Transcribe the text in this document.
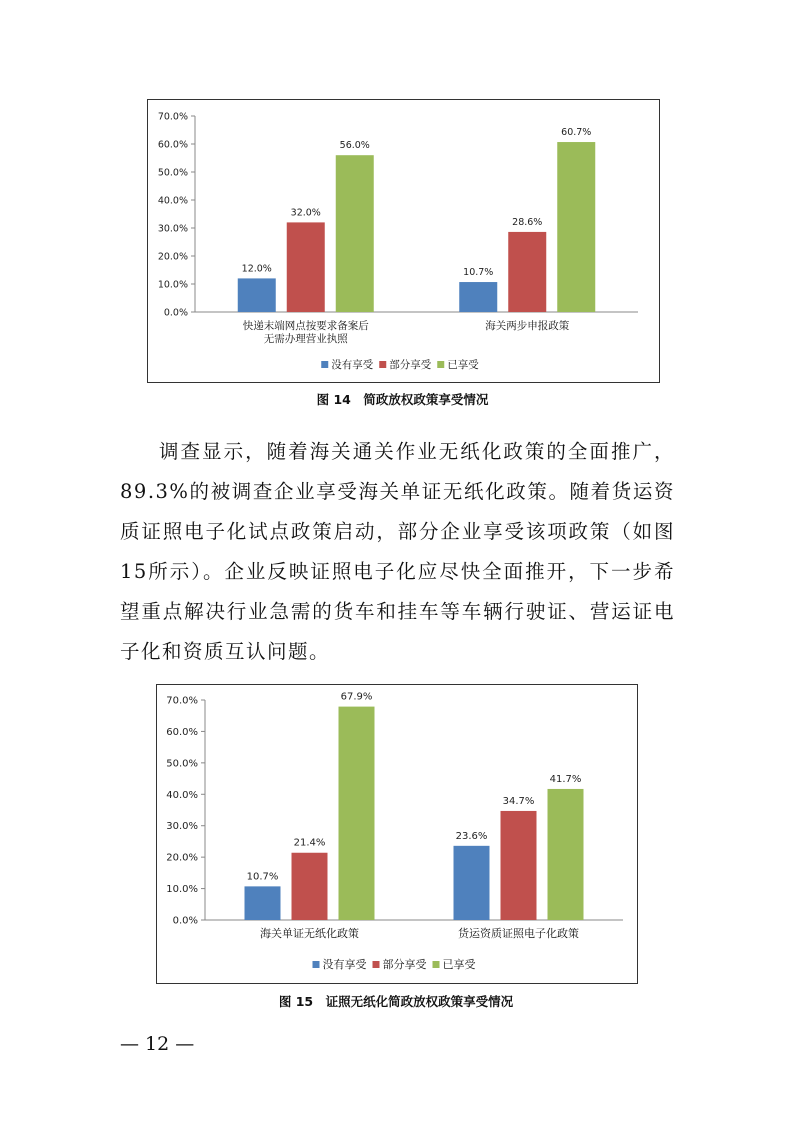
0.0%
10.0%
20.0%
30.0%
40.0%
50.0%
60.0%
70.0%
12.0%
32.0%
56.0%
快递末端网点按要求备案后
无需办理营业执照
10.7%
28.6%
60.7%
海关两步申报政策
没有享受 部分享受 已享受
图 14　简政放权政策享受情况

调查显示，随着海关通关作业无纸化政策的全面推广，89.3%的被调查企业享受海关单证无纸化政策。随着货运资质证照电子化试点政策启动，部分企业享受该项政策（如图15所示）。企业反映证照电子化应尽快全面推开，下一步希望重点解决行业急需的货车和挂车等车辆行驶证、营运证电子化和资质互认问题。

0.0%
10.0%
20.0%
30.0%
40.0%
50.0%
60.0%
70.0%
10.7%
21.4%
67.9%
海关单证无纸化政策
23.6%
34.7%
41.7%
货运资质证照电子化政策
没有享受 部分享受 已享受
图 15　证照无纸化简政放权政策享受情况
— 12 —
